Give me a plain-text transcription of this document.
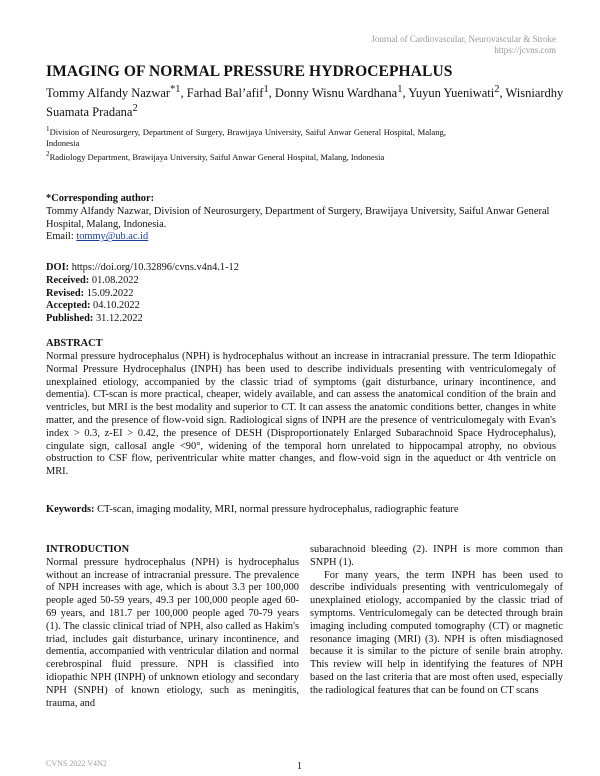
Journal of Cardiovascular, Neurovascular & Stroke
https://jcvns.com
IMAGING OF NORMAL PRESSURE HYDROCEPHALUS
Tommy Alfandy Nazwar$^{*1}$, Farhad Bal’afif$^1$, Donny Wisnu Wardhana$^1$, Yuyun Yueniwati$^2$, Wisniardhy Suamata Pradana$^2$
$^1$Division of Neurosurgery, Department of Surgery, Brawijaya University, Saiful Anwar General Hospital, Malang, Indonesia
$^2$Radiology Department, Brawijaya University, Saiful Anwar General Hospital, Malang, Indonesia
*Corresponding author:
Tommy Alfandy Nazwar, Division of Neurosurgery, Department of Surgery, Brawijaya University, Saiful Anwar General Hospital, Malang, Indonesia.
Email: tommy@ub.ac.id
DOI: https://doi.org/10.32896/cvns.v4n4.1-12
Received: 01.08.2022
Revised: 15.09.2022
Accepted: 04.10.2022
Published: 31.12.2022
ABSTRACT
Normal pressure hydrocephalus (NPH) is hydrocephalus without an increase in intracranial pressure. The term Idiopathic Normal Pressure Hydrocephalus (INPH) has been used to describe individuals presenting with ventriculomegaly of unexplained etiology, accompanied by the classic triad of symptoms (gait disturbance, urinary incontinence, and dementia). CT-scan is more practical, cheaper, widely available, and can assess the anatomical condition of the brain and ventricles, but MRI is the best modality and superior to CT. It can assess the anatomic conditions better, changes in white matter, and the presence of flow-void sign. Radiological signs of INPH are the presence of ventriculomegaly with Evan's index > 0.3, z-EI > 0.42, the presence of DESH (Disproportionately Enlarged Subarachnoid Space Hydrocephalus), cingulate sign, callosal angle <90°, widening of the temporal horn unrelated to hippocampal atrophy, no obvious obstruction to CSF flow, periventricular white matter changes, and flow-void sign in the aqueduct or 4th ventricle on MRI.
Keywords: CT-scan, imaging modality, MRI, normal pressure hydrocephalus, radiographic feature
INTRODUCTION

Normal pressure hydrocephalus (NPH) is hydrocephalus without an increase of intracranial pressure. The prevalence of NPH increases with age, which is about 3.3 per 100,000 people aged 50-59 years, 49.3 per 100,000 people aged 60-69 years, and 181.7 per 100,000 people aged 70-79 years (1). The classic clinical triad of NPH, also called as Hakim's triad, includes gait disturbance, urinary incontinence, and dementia, accompanied with ventricular dilation and normal cerebrospinal fluid pressure. NPH is classified into idiopathic NPH (INPH) of unknown etiology and secondary NPH (SNPH) of known etiology, such as meningitis, trauma, and

subarachnoid bleeding (2). INPH is more common than SNPH (1).

For many years, the term INPH has been used to describe individuals presenting with ventriculomegaly of unexplained etiology, accompanied by the classic triad of symptoms. Ventriculomegaly can be detected through brain imaging including computed tomography (CT) or magnetic resonance imaging (MRI) (3). NPH is often misdiagnosed because it is similar to the picture of senile brain atrophy. This review will help in identifying the features of NPH based on the last criteria that are most often used, especially the radiological features that can be found on CT scans

CVNS 2022 V4N2	1
